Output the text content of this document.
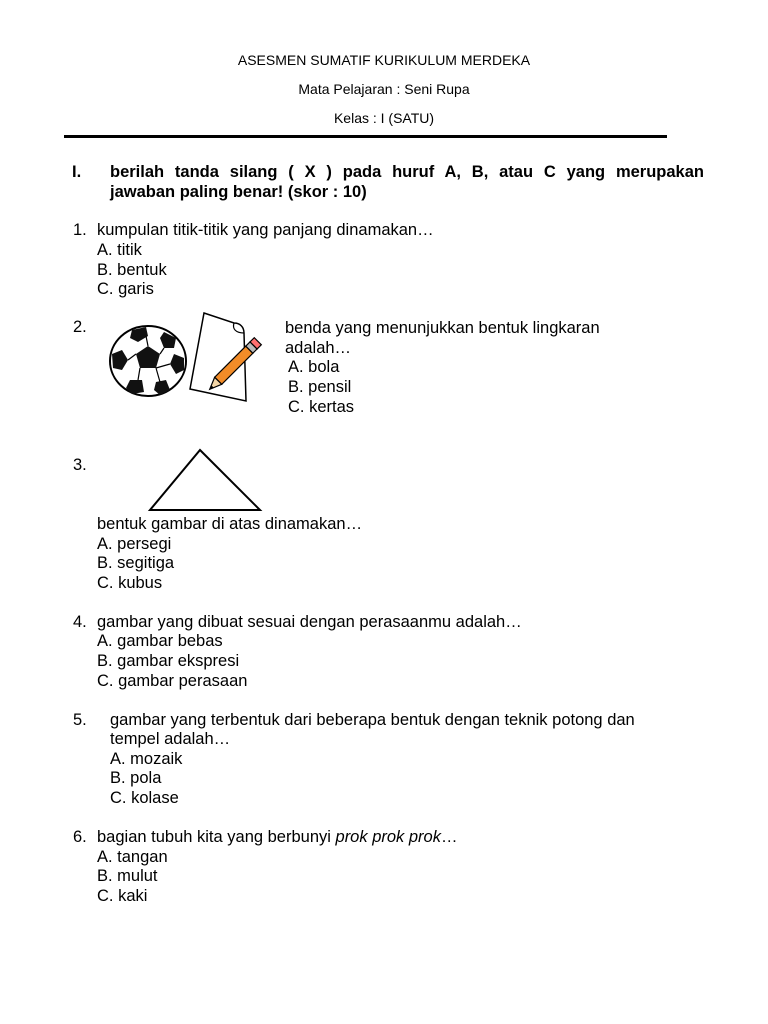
ASESMEN SUMATIF KURIKULUM MERDEKA
Mata Pelajaran : Seni Rupa
Kelas : I (SATU)
I. berilah tanda silang ( X ) pada huruf A, B, atau C yang merupakan
jawaban paling benar! (skor : 10)
1. kumpulan titik-titik yang panjang dinamakan…
A. titik
B. bentuk
C. garis
2.	benda yang menunjukkan bentuk lingkaran
adalah…
A. bola
B. pensil
C. kertas
3.
bentuk gambar di atas dinamakan…
A. persegi
B. segitiga
C. kubus
4. gambar yang dibuat sesuai dengan perasaanmu adalah…
A. gambar bebas
B. gambar ekspresi
C. gambar perasaan
5. gambar yang terbentuk dari beberapa bentuk dengan teknik potong dan
tempel adalah…
A. mozaik
B. pola
C. kolase
6. bagian tubuh kita yang berbunyi prok prok prok…
A. tangan
B. mulut
C. kaki
